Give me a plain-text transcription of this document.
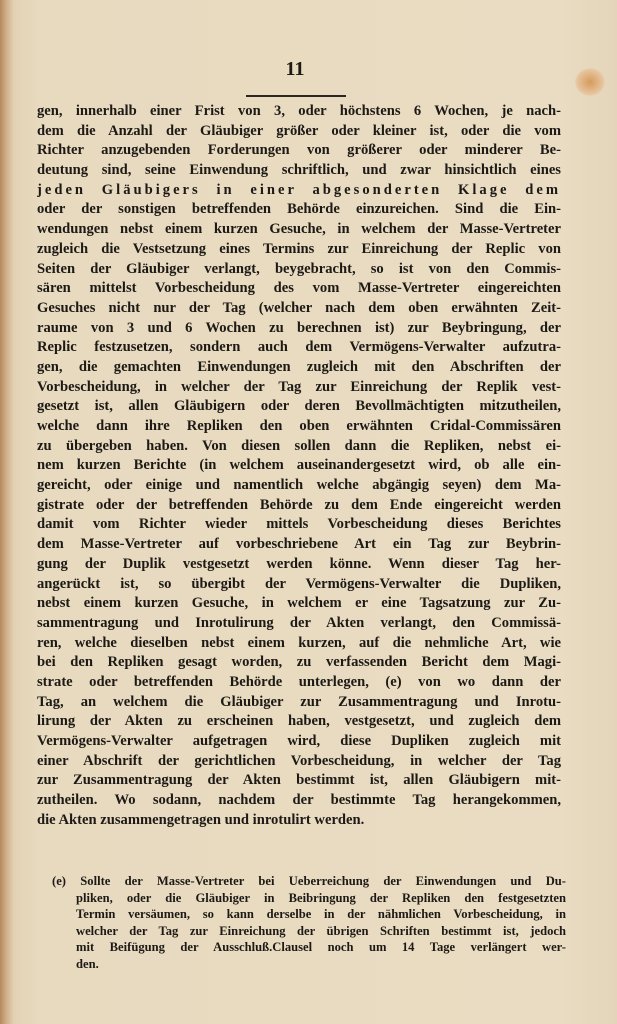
11
gen, innerhalb einer Frist von 3, oder höchstens 6 Wochen, je nach-
dem die Anzahl der Gläubiger größer oder kleiner ist, oder die vom
Richter anzugebenden Forderungen von größerer oder minderer Be-
deutung sind, seine Einwendung schriftlich, und zwar hinsichtlich eines
jeden Gläubigers in einer abgesonderten Klage dem
oder der sonstigen betreffenden Behörde einzureichen. Sind die Ein-
wendungen nebst einem kurzen Gesuche, in welchem der Masse-Vertreter
zugleich die Vestsetzung eines Termins zur Einreichung der Replic von
Seiten der Gläubiger verlangt, beygebracht, so ist von den Commis-
sären mittelst Vorbescheidung des vom Masse-Vertreter eingereichten
Gesuches nicht nur der Tag (welcher nach dem oben erwähnten Zeit-
raume von 3 und 6 Wochen zu berechnen ist) zur Beybringung, der
Replic festzusetzen, sondern auch dem Vermögens-Verwalter aufzutra-
gen, die gemachten Einwendungen zugleich mit den Abschriften der
Vorbescheidung, in welcher der Tag zur Einreichung der Replik vest-
gesetzt ist, allen Gläubigern oder deren Bevollmächtigten mitzutheilen,
welche dann ihre Repliken den oben erwähnten Cridal-Commissären
zu übergeben haben. Von diesen sollen dann die Repliken, nebst ei-
nem kurzen Berichte (in welchem auseinandergesetzt wird, ob alle ein-
gereicht, oder einige und namentlich welche abgängig seyen) dem Ma-
gistrate oder der betreffenden Behörde zu dem Ende eingereicht werden
damit vom Richter wieder mittels Vorbescheidung dieses Berichtes
dem Masse-Vertreter auf vorbeschriebene Art ein Tag zur Beybrin-
gung der Duplik vestgesetzt werden könne. Wenn dieser Tag her-
angerückt ist, so übergibt der Vermögens-Verwalter die Dupliken,
nebst einem kurzen Gesuche, in welchem er eine Tagsatzung zur Zu-
sammentragung und Inrotulirung der Akten verlangt, den Commissä-
ren, welche dieselben nebst einem kurzen, auf die nehmliche Art, wie
bei den Repliken gesagt worden, zu verfassenden Bericht dem Magi-
strate oder betreffenden Behörde unterlegen, (e) von wo dann der
Tag, an welchem die Gläubiger zur Zusammentragung und Inrotu-
lirung der Akten zu erscheinen haben, vestgesetzt, und zugleich dem
Vermögens-Verwalter aufgetragen wird, diese Dupliken zugleich mit
einer Abschrift der gerichtlichen Vorbescheidung, in welcher der Tag
zur Zusammentragung der Akten bestimmt ist, allen Gläubigern mit-
zutheilen. Wo sodann, nachdem der bestimmte Tag herangekommen,
die Akten zusammengetragen und inrotulirt werden.
(e) Sollte der Masse-Vertreter bei Ueberreichung der Einwendungen und Du-
pliken, oder die Gläubiger in Beibringung der Repliken den festgesetzten
Termin versäumen, so kann derselbe in der nähmlichen Vorbescheidung, in
welcher der Tag zur Einreichung der übrigen Schriften bestimmt ist, jedoch
mit Beifügung der Ausschluß.Clausel noch um 14 Tage verlängert wer-
den.
